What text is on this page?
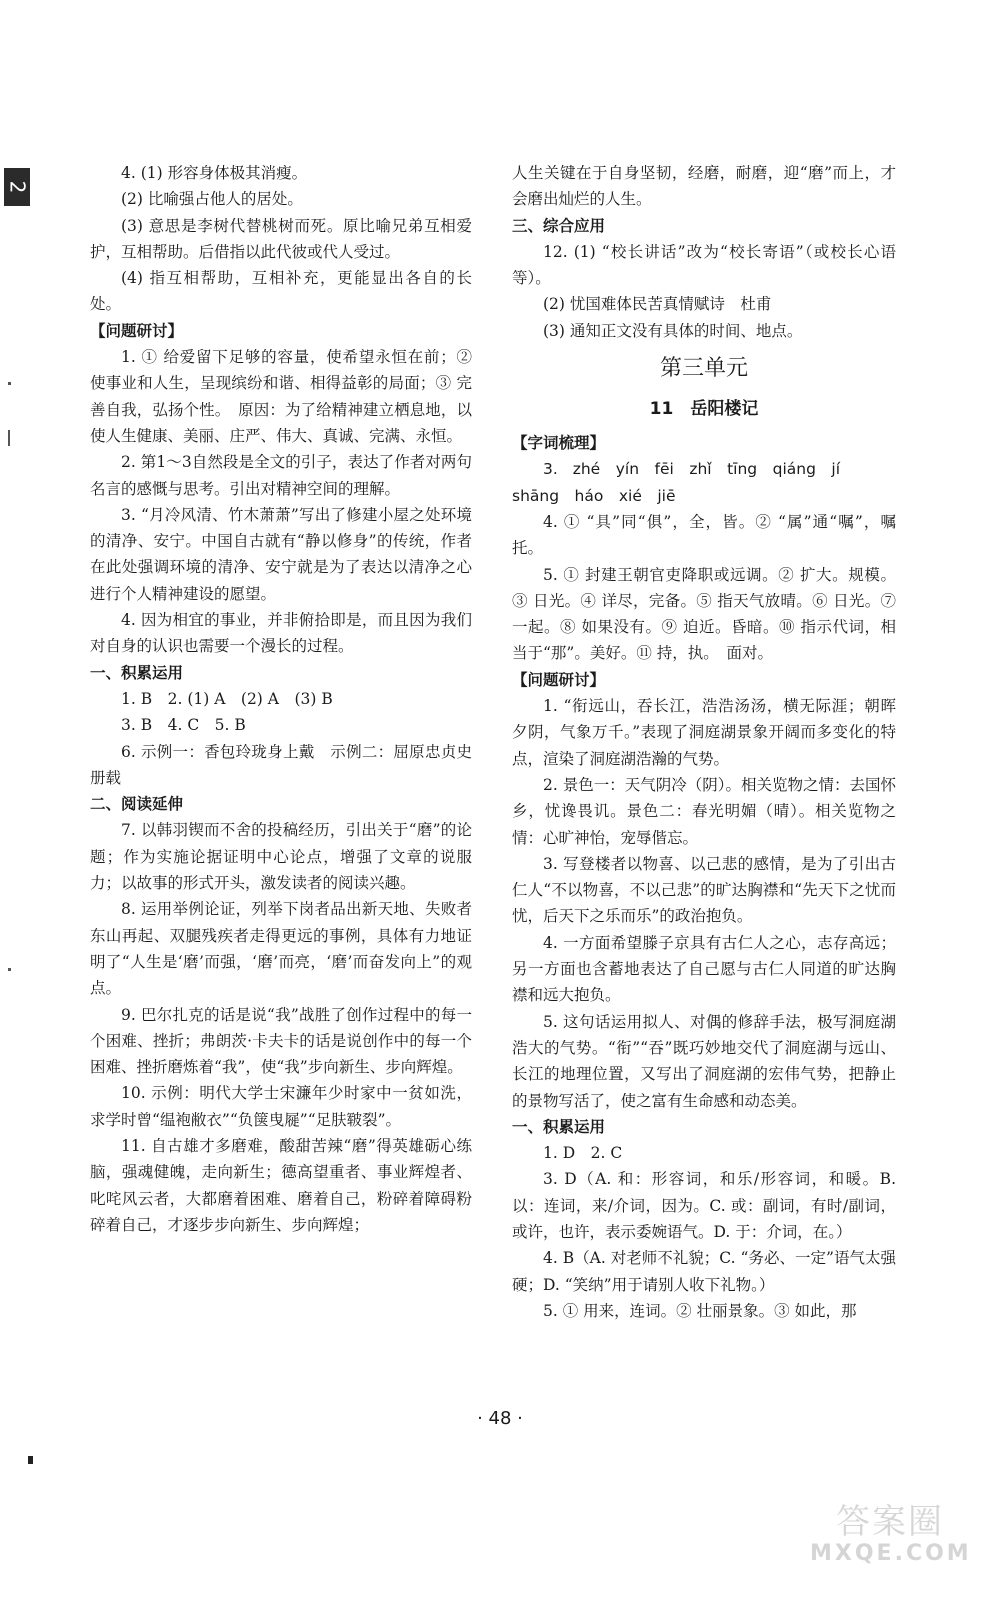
2

4. (1) 形容身体极其消瘦。

(2) 比喻强占他人的居处。

(3) 意思是李树代替桃树而死。原比喻兄弟互相爱护，互相帮助。后借指以此代彼或代人受过。

(4) 指互相帮助，互相补充，更能显出各自的长处。

【问题研讨】

1. ① 给爱留下足够的容量，使希望永恒在前；② 使事业和人生，呈现缤纷和谐、相得益彰的局面；③ 完善自我，弘扬个性。　原因：为了给精神建立栖息地，以使人生健康、美丽、庄严、伟大、真诚、完满、永恒。

2. 第1～3自然段是全文的引子，表达了作者对两句名言的感慨与思考。引出对精神空间的理解。

3. “月冷风清、竹木萧萧”写出了修建小屋之处环境的清净、安宁。中国自古就有“静以修身”的传统，作者在此处强调环境的清净、安宁就是为了表达以清净之心进行个人精神建设的愿望。

4. 因为相宜的事业，并非俯拾即是，而且因为我们对自身的认识也需要一个漫长的过程。

一、积累运用

1. B　2. (1) A　(2) A　(3) B

3. B　4. C　5. B

6. 示例一：香包玲珑身上戴　示例二：屈原忠贞史册载

二、阅读延伸

7. 以韩羽锲而不舍的投稿经历，引出关于“磨”的论题；作为实施论据证明中心论点，增强了文章的说服力；以故事的形式开头，激发读者的阅读兴趣。

8. 运用举例论证，列举下岗者品出新天地、失败者东山再起、双腿残疾者走得更远的事例，具体有力地证明了“人生是‘磨’而强，‘磨’而亮，‘磨’而奋发向上”的观点。

9. 巴尔扎克的话是说“我”战胜了创作过程中的每一个困难、挫折；弗朗茨·卡夫卡的话是说创作中的每一个困难、挫折磨炼着“我”，使“我”步向新生、步向辉煌。

10. 示例：明代大学士宋濂年少时家中一贫如洗，求学时曾“缊袍敝衣”“负箧曳屣”“足肤皲裂”。

11. 自古雄才多磨难，酸甜苦辣“磨”得英雄砺心练脑，强魂健魄，走向新生；德高望重者、事业辉煌者、叱咤风云者，大都磨着困难、磨着自己，粉碎着障碍粉碎着自己，才逐步步向新生、步向辉煌；

人生关键在于自身坚韧，经磨，耐磨，迎“磨”而上，才会磨出灿烂的人生。

三、综合应用

12. (1) “校长讲话”改为“校长寄语”（或校长心语等）。

(2) 忧国难体民苦真情赋诗　杜甫

(3) 通知正文没有具体的时间、地点。

第三单元
11　岳阳楼记

【字词梳理】

3. zhé　yín　fēi　zhǐ　tīng　qiáng　jí

shāng　háo　xié　jiē

4. ① “具”同“俱”，全，皆。② “属”通“嘱”，嘱托。

5. ① 封建王朝官吏降职或远调。② 扩大。规模。③ 日光。④ 详尽，完备。⑤ 指天气放晴。⑥ 日光。⑦ 一起。⑧ 如果没有。⑨ 迫近。昏暗。⑩ 指示代词，相当于“那”。美好。⑪ 持，执。　面对。

【问题研讨】

1. “衔远山，吞长江，浩浩汤汤，横无际涯；朝晖夕阴，气象万千。”表现了洞庭湖景象开阔而多变化的特点，渲染了洞庭湖浩瀚的气势。

2. 景色一：天气阴冷（阴）。相关览物之情：去国怀乡，忧谗畏讥。景色二：春光明媚（晴）。相关览物之情：心旷神怡，宠辱偕忘。

3. 写登楼者以物喜、以己悲的感情，是为了引出古仁人“不以物喜，不以己悲”的旷达胸襟和“先天下之忧而忧，后天下之乐而乐”的政治抱负。

4. 一方面希望滕子京具有古仁人之心，志存高远；另一方面也含蓄地表达了自己愿与古仁人同道的旷达胸襟和远大抱负。

5. 这句话运用拟人、对偶的修辞手法，极写洞庭湖浩大的气势。“衔”“吞”既巧妙地交代了洞庭湖与远山、长江的地理位置，又写出了洞庭湖的宏伟气势，把静止的景物写活了，使之富有生命感和动态美。

一、积累运用

1. D　2. C

3. D（A. 和：形容词，和乐/形容词，和暖。B. 以：连词，来/介词，因为。C. 或：副词，有时/副词，或许，也许，表示委婉语气。D. 于：介词，在。）

4. B（A. 对老师不礼貌；C. “务必、一定”语气太强硬；D. “笑纳”用于请别人收下礼物。）

5. ① 用来，连词。② 壮丽景象。③ 如此，那

· 48 ·
答案圈
MXQE.COM
